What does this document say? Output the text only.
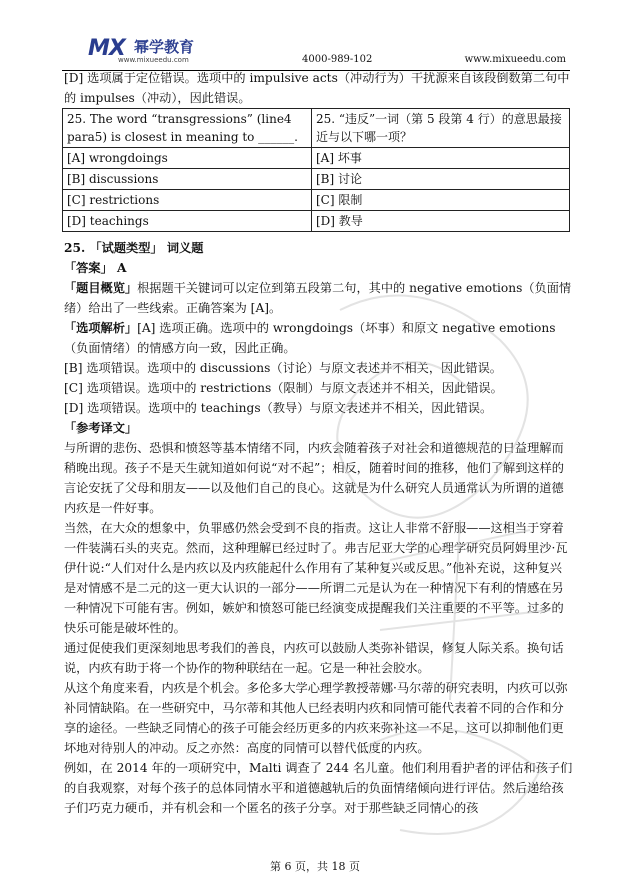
MX 幂学教育
www.mixueedu.com	4000-989-102	www.mixueedu.com

[D] 选项属于定位错误。选项中的 impulsive acts（冲动行为）干扰源来自该段倒数第二句中的 impulses（冲动），因此错误。

25. The word “transgressions” (line4 para5) is closest in meaning to ______.	25. “违反”一词（第 5 段第 4 行）的意思最接近与以下哪一项？
[A] wrongdoings	[A] 坏事
[B] discussions	[B] 讨论
[C] restrictions	[C] 限制
[D] teachings	[D] 教导

25. 「试题类型」 词义题

「答案」 A

「题目概览」根据题干关键词可以定位到第五段第二句，其中的 negative emotions（负面情绪）给出了一些线索。正确答案为 [A]。

「选项解析」[A] 选项正确。选项中的 wrongdoings（坏事）和原文 negative emotions（负面情绪）的情感方向一致，因此正确。

[B] 选项错误。选项中的 discussions（讨论）与原文表述并不相关，因此错误。

[C] 选项错误。选项中的 restrictions（限制）与原文表述并不相关，因此错误。

[D] 选项错误。选项中的 teachings（教导）与原文表述并不相关，因此错误。

「参考译文」

与所谓的悲伤、恐惧和愤怒等基本情绪不同，内疚会随着孩子对社会和道德规范的日益理解而稍晚出现。孩子不是天生就知道如何说“对不起”；相反，随着时间的推移，他们了解到这样的言论安抚了父母和朋友——以及他们自己的良心。这就是为什么研究人员通常认为所谓的道德内疚是一件好事。

当然，在大众的想象中，负罪感仍然会受到不良的指责。这让人非常不舒服——这相当于穿着一件装满石头的夹克。然而，这种理解已经过时了。弗吉尼亚大学的心理学研究员阿姆里沙·瓦伊什说:“人们对什么是内疚以及内疚能起什么作用有了某种复兴或反思。”他补充说，这种复兴是对情感不是二元的这一更大认识的一部分——所谓二元是认为在一种情况下有利的情感在另一种情况下可能有害。例如，嫉妒和愤怒可能已经演变成提醒我们关注重要的不平等。过多的快乐可能是破坏性的。

通过促使我们更深刻地思考我们的善良，内疚可以鼓励人类弥补错误，修复人际关系。换句话说，内疚有助于将一个协作的物种联结在一起。它是一种社会胶水。

从这个角度来看，内疚是个机会。多伦多大学心理学教授蒂娜·马尔蒂的研究表明，内疚可以弥补同情缺陷。在一些研究中，马尔蒂和其他人已经表明内疚和同情可能代表着不同的合作和分享的途径。一些缺乏同情心的孩子可能会经历更多的内疚来弥补这一不足，这可以抑制他们更坏地对待别人的冲动。反之亦然：高度的同情可以替代低度的内疚。

例如，在 2014 年的一项研究中，Malti 调查了 244 名儿童。他们利用看护者的评估和孩子们的自我观察，对每个孩子的总体同情水平和道德越轨后的负面情绪倾向进行评估。然后递给孩子们巧克力硬币，并有机会和一个匿名的孩子分享。对于那些缺乏同情心的孩

第 6 页，共 18 页
